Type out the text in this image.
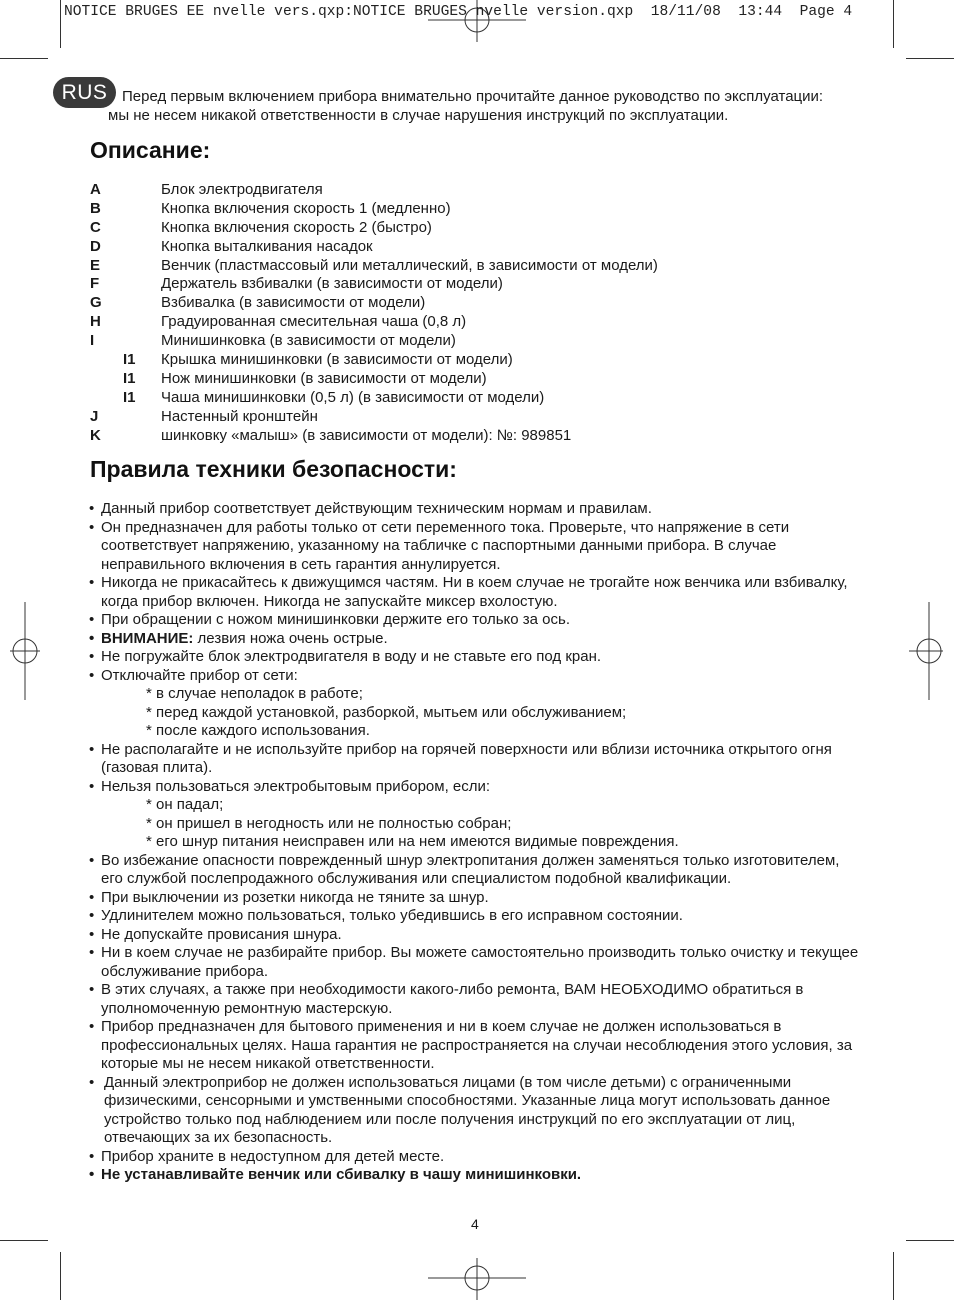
NOTICE BRUGES EE nvelle vers.qxp:NOTICE BRUGES nvelle version.qxp  18/11/08  13:44  Page 4
RUS Перед первым включением прибора внимательно прочитайте данное руководство по эксплуатации:
мы не несем никакой ответственности в случае нарушения инструкций по эксплуатации.
Описание:
A	Блок электродвигателя
B	Кнопка включения скорость 1 (медленно)
C	Кнопка включения скорость 2 (быстро)
D	Кнопка выталкивания насадок
E	Венчик (пластмассовый или металлический, в зависимости от модели)
F	Держатель взбивалки (в зависимости от модели)
G	Взбивалка (в зависимости от модели)
H	Градуированная смесительная чаша (0,8 л)
I	Минишинковка (в зависимости от модели)
I1 Крышка минишинковки (в зависимости от модели)
I1 Нож минишинковки (в зависимости от модели)
I1 Чаша минишинковки (0,5 л) (в зависимости от модели)
J	Настенный кронштейн
K	шинковку «малыш» (в зависимости от модели): №: 989851
Правила техники безопасности:
• Данный прибор соответствует действующим техническим нормам и правилам.
• Он предназначен для работы только от сети переменного тока. Проверьте, что напряжение в сети соответствует напряжению, указанному на табличке с паспортными данными прибора. В случае неправильного включения в сеть гарантия аннулируется.
• Никогда не прикасайтесь к движущимся частям. Ни в коем случае не трогайте нож венчика или взбивалку, когда прибор включен. Никогда не запускайте миксер вхолостую.
• При обращении с ножом минишинковки держите его только за ось.
• ВНИМАНИЕ: лезвия ножа очень острые.
• Не погружайте блок электродвигателя в воду и не ставьте его под кран.
• Отключайте прибор от сети:
* в случае неполадок в работе;
* перед каждой установкой, разборкой, мытьем или обслуживанием;
* после каждого использования.
• Не располагайте и не используйте прибор на горячей поверхности или вблизи источника открытого огня (газовая плита).
• Нельзя пользоваться электробытовым прибором, если:
* он падал;
* он пришел в негодность или не полностью собран;
* его шнур питания неисправен или на нем имеются видимые повреждения.
• Во избежание опасности поврежденный шнур электропитания должен заменяться только изготовителем, его службой послепродажного обслуживания или специалистом подобной квалификации.
• При выключении из розетки никогда не тяните за шнур.
• Удлинителем можно пользоваться, только убедившись в его исправном состоянии.
• Не допускайте провисания шнура.
• Ни в коем случае не разбирайте прибор. Вы можете самостоятельно производить только очистку и текущее обслуживание прибора.
• В этих случаях, а также при необходимости какого-либо ремонта, ВАМ НЕОБХОДИМО обратиться в уполномоченную ремонтную мастерскую.
• Прибор предназначен для бытового применения и ни в коем случае не должен использоваться в профессиональных целях. Наша гарантия не распространяется на случаи несоблюдения этого условия, за которые мы не несем никакой ответственности.
• Данный электроприбор не должен использоваться лицами (в том числе детьми) с ограниченными физическими, сенсорными и умственными способностями. Указанные лица могут использовать данное устройство только под наблюдением или после получения инструкций по его эксплуатации от лиц, отвечающих за их безопасность.
• Прибор храните в недоступном для детей месте.
• Не устанавливайте венчик или сбивалку в чашу минишинковки.
4
